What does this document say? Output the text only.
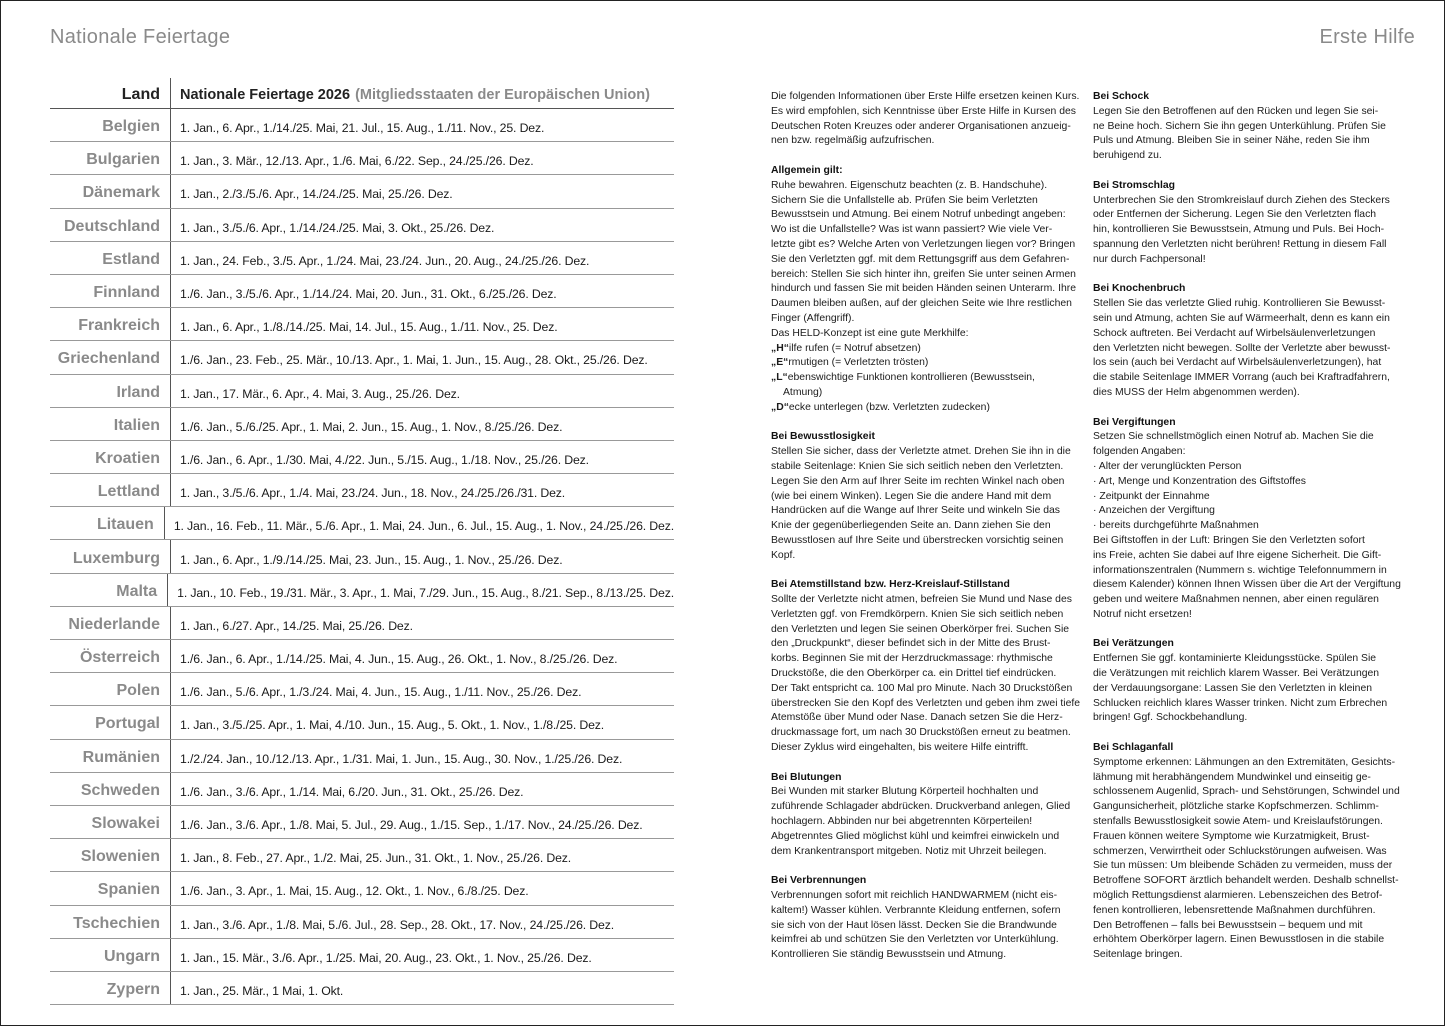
Nationale Feiertage	Erste Hilfe
Land Nationale Feiertage 2026 (Mitgliedsstaaten der Europäischen Union)
Belgien 1. Jan., 6. Apr., 1./14./25. Mai, 21. Jul., 15. Aug., 1./11. Nov., 25. Dez.
Bulgarien 1. Jan., 3. Mär., 12./13. Apr., 1./6. Mai, 6./22. Sep., 24./25./26. Dez.
Dänemark 1. Jan., 2./3./5./6. Apr., 14./24./25. Mai, 25./26. Dez.
Deutschland 1. Jan., 3./5./6. Apr., 1./14./24./25. Mai, 3. Okt., 25./26. Dez.
Estland 1. Jan., 24. Feb., 3./5. Apr., 1./24. Mai, 23./24. Jun., 20. Aug., 24./25./26. Dez.
Finnland 1./6. Jan., 3./5./6. Apr., 1./14./24. Mai, 20. Jun., 31. Okt., 6./25./26. Dez.
Frankreich 1. Jan., 6. Apr., 1./8./14./25. Mai, 14. Jul., 15. Aug., 1./11. Nov., 25. Dez.
Griechenland 1./6. Jan., 23. Feb., 25. Mär., 10./13. Apr., 1. Mai, 1. Jun., 15. Aug., 28. Okt., 25./26. Dez.
Irland 1. Jan., 17. Mär., 6. Apr., 4. Mai, 3. Aug., 25./26. Dez.
Italien 1./6. Jan., 5./6./25. Apr., 1. Mai, 2. Jun., 15. Aug., 1. Nov., 8./25./26. Dez.
Kroatien 1./6. Jan., 6. Apr., 1./30. Mai, 4./22. Jun., 5./15. Aug., 1./18. Nov., 25./26. Dez.
Lettland 1. Jan., 3./5./6. Apr., 1./4. Mai, 23./24. Jun., 18. Nov., 24./25./26./31. Dez.
Litauen 1. Jan., 16. Feb., 11. Mär., 5./6. Apr., 1. Mai, 24. Jun., 6. Jul., 15. Aug., 1. Nov., 24./25./26. Dez.
Luxemburg 1. Jan., 6. Apr., 1./9./14./25. Mai, 23. Jun., 15. Aug., 1. Nov., 25./26. Dez.
Malta 1. Jan., 10. Feb., 19./31. Mär., 3. Apr., 1. Mai, 7./29. Jun., 15. Aug., 8./21. Sep., 8./13./25. Dez.
Niederlande 1. Jan., 6./27. Apr., 14./25. Mai, 25./26. Dez.
Österreich 1./6. Jan., 6. Apr., 1./14./25. Mai, 4. Jun., 15. Aug., 26. Okt., 1. Nov., 8./25./26. Dez.
Polen 1./6. Jan., 5./6. Apr., 1./3./24. Mai, 4. Jun., 15. Aug., 1./11. Nov., 25./26. Dez.
Portugal 1. Jan., 3./5./25. Apr., 1. Mai, 4./10. Jun., 15. Aug., 5. Okt., 1. Nov., 1./8./25. Dez.
Rumänien 1./2./24. Jan., 10./12./13. Apr., 1./31. Mai, 1. Jun., 15. Aug., 30. Nov., 1./25./26. Dez.
Schweden 1./6. Jan., 3./6. Apr., 1./14. Mai, 6./20. Jun., 31. Okt., 25./26. Dez.
Slowakei 1./6. Jan., 3./6. Apr., 1./8. Mai, 5. Jul., 29. Aug., 1./15. Sep., 1./17. Nov., 24./25./26. Dez.
Slowenien 1. Jan., 8. Feb., 27. Apr., 1./2. Mai, 25. Jun., 31. Okt., 1. Nov., 25./26. Dez.
Spanien 1./6. Jan., 3. Apr., 1. Mai, 15. Aug., 12. Okt., 1. Nov., 6./8./25. Dez.
Tschechien 1. Jan., 3./6. Apr., 1./8. Mai, 5./6. Jul., 28. Sep., 28. Okt., 17. Nov., 24./25./26. Dez.
Ungarn 1. Jan., 15. Mär., 3./6. Apr., 1./25. Mai, 20. Aug., 23. Okt., 1. Nov., 25./26. Dez.
Zypern 1. Jan., 25. Mär., 1 Mai, 1. Okt.
Die folgenden Informationen über Erste Hilfe ersetzen keinen Kurs.
Es wird empfohlen, sich Kenntnisse über Erste Hilfe in Kursen des
Deutschen Roten Kreuzes oder anderer Organisationen anzueig-
nen bzw. regelmäßig aufzufrischen.
Allgemein gilt:
Ruhe bewahren. Eigenschutz beachten (z. B. Handschuhe).
Sichern Sie die Unfallstelle ab. Prüfen Sie beim Verletzten
Bewusstsein und Atmung. Bei einem Notruf unbedingt angeben:
Wo ist die Unfallstelle? Was ist wann passiert? Wie viele Ver-
letzte gibt es? Welche Arten von Verletzungen liegen vor? Bringen
Sie den Verletzten ggf. mit dem Rettungsgriff aus dem Gefahren-
bereich: Stellen Sie sich hinter ihn, greifen Sie unter seinen Armen
hindurch und fassen Sie mit beiden Händen seinen Unterarm. Ihre
Daumen bleiben außen, auf der gleichen Seite wie Ihre restlichen
Finger (Affengriff).
Das HELD-Konzept ist eine gute Merkhilfe:
„H“ilfe rufen (= Notruf absetzen)
„E“rmutigen (= Verletzten trösten)
„L“ebenswichtige Funktionen kontrollieren (Bewusstsein,
Atmung)
„D“ecke unterlegen (bzw. Verletzten zudecken)
Bei Bewusstlosigkeit
Stellen Sie sicher, dass der Verletzte atmet. Drehen Sie ihn in die
stabile Seitenlage: Knien Sie sich seitlich neben den Verletzten.
Legen Sie den Arm auf Ihrer Seite im rechten Winkel nach oben
(wie bei einem Winken). Legen Sie die andere Hand mit dem
Handrücken auf die Wange auf Ihrer Seite und winkeln Sie das
Knie der gegenüberliegenden Seite an. Dann ziehen Sie den
Bewusstlosen auf Ihre Seite und überstrecken vorsichtig seinen
Kopf.
Bei Atemstillstand bzw. Herz-Kreislauf-Stillstand
Sollte der Verletzte nicht atmen, befreien Sie Mund und Nase des
Verletzten ggf. von Fremdkörpern. Knien Sie sich seitlich neben
den Verletzten und legen Sie seinen Oberkörper frei. Suchen Sie
den „Druckpunkt“, dieser befindet sich in der Mitte des Brust-
korbs. Beginnen Sie mit der Herzdruckmassage: rhythmische
Druckstöße, die den Oberkörper ca. ein Drittel tief eindrücken.
Der Takt entspricht ca. 100 Mal pro Minute. Nach 30 Druckstößen
überstrecken Sie den Kopf des Verletzten und geben ihm zwei tiefe
Atemstöße über Mund oder Nase. Danach setzen Sie die Herz-
druckmassage fort, um nach 30 Druckstößen erneut zu beatmen.
Dieser Zyklus wird eingehalten, bis weitere Hilfe eintrifft.
Bei Blutungen
Bei Wunden mit starker Blutung Körperteil hochhalten und
zuführende Schlagader abdrücken. Druckverband anlegen, Glied
hochlagern. Abbinden nur bei abgetrennten Körperteilen!
Abgetrenntes Glied möglichst kühl und keimfrei einwickeln und
dem Krankentransport mitgeben. Notiz mit Uhrzeit beilegen.
Bei Verbrennungen
Verbrennungen sofort mit reichlich HANDWARMEM (nicht eis-
kaltem!) Wasser kühlen. Verbrannte Kleidung entfernen, sofern
sie sich von der Haut lösen lässt. Decken Sie die Brandwunde
keimfrei ab und schützen Sie den Verletzten vor Unterkühlung.
Kontrollieren Sie ständig Bewusstsein und Atmung.
Bei Schock
Legen Sie den Betroffenen auf den Rücken und legen Sie sei-
ne Beine hoch. Sichern Sie ihn gegen Unterkühlung. Prüfen Sie
Puls und Atmung. Bleiben Sie in seiner Nähe, reden Sie ihm
beruhigend zu.
Bei Stromschlag
Unterbrechen Sie den Stromkreislauf durch Ziehen des Steckers
oder Entfernen der Sicherung. Legen Sie den Verletzten flach
hin, kontrollieren Sie Bewusstsein, Atmung und Puls. Bei Hoch-
spannung den Verletzten nicht berühren! Rettung in diesem Fall
nur durch Fachpersonal!
Bei Knochenbruch
Stellen Sie das verletzte Glied ruhig. Kontrollieren Sie Bewusst-
sein und Atmung, achten Sie auf Wärmeerhalt, denn es kann ein
Schock auftreten. Bei Verdacht auf Wirbelsäulenverletzungen
den Verletzten nicht bewegen. Sollte der Verletzte aber bewusst-
los sein (auch bei Verdacht auf Wirbelsäulenverletzungen), hat
die stabile Seitenlage IMMER Vorrang (auch bei Kraftradfahrern,
dies MUSS der Helm abgenommen werden).
Bei Vergiftungen
Setzen Sie schnellstmöglich einen Notruf ab. Machen Sie die
folgenden Angaben:
· Alter der verunglückten Person
· Art, Menge und Konzentration des Giftstoffes
· Zeitpunkt der Einnahme
· Anzeichen der Vergiftung
· bereits durchgeführte Maßnahmen
Bei Giftstoffen in der Luft: Bringen Sie den Verletzten sofort
ins Freie, achten Sie dabei auf Ihre eigene Sicherheit. Die Gift-
informationszentralen (Nummern s. wichtige Telefonnummern in
diesem Kalender) können Ihnen Wissen über die Art der Vergiftung
geben und weitere Maßnahmen nennen, aber einen regulären
Notruf nicht ersetzen!
Bei Verätzungen
Entfernen Sie ggf. kontaminierte Kleidungsstücke. Spülen Sie
die Verätzungen mit reichlich klarem Wasser. Bei Verätzungen
der Verdauungsorgane: Lassen Sie den Verletzten in kleinen
Schlucken reichlich klares Wasser trinken. Nicht zum Erbrechen
bringen! Ggf. Schockbehandlung.
Bei Schlaganfall
Symptome erkennen: Lähmungen an den Extremitäten, Gesichts-
lähmung mit herabhängendem Mundwinkel und einseitig ge-
schlossenem Augenlid, Sprach- und Sehstörungen, Schwindel und
Gangunsicherheit, plötzliche starke Kopfschmerzen. Schlimm-
stenfalls Bewusstlosigkeit sowie Atem- und Kreislaufstörungen.
Frauen können weitere Symptome wie Kurzatmigkeit, Brust-
schmerzen, Verwirrtheit oder Schluckstörungen aufweisen. Was
Sie tun müssen: Um bleibende Schäden zu vermeiden, muss der
Betroffene SOFORT ärztlich behandelt werden. Deshalb schnellst-
möglich Rettungsdienst alarmieren. Lebenszeichen des Betrof-
fenen kontrollieren, lebensrettende Maßnahmen durchführen.
Den Betroffenen – falls bei Bewusstsein – bequem und mit
erhöhtem Oberkörper lagern. Einen Bewusstlosen in die stabile
Seitenlage bringen.
